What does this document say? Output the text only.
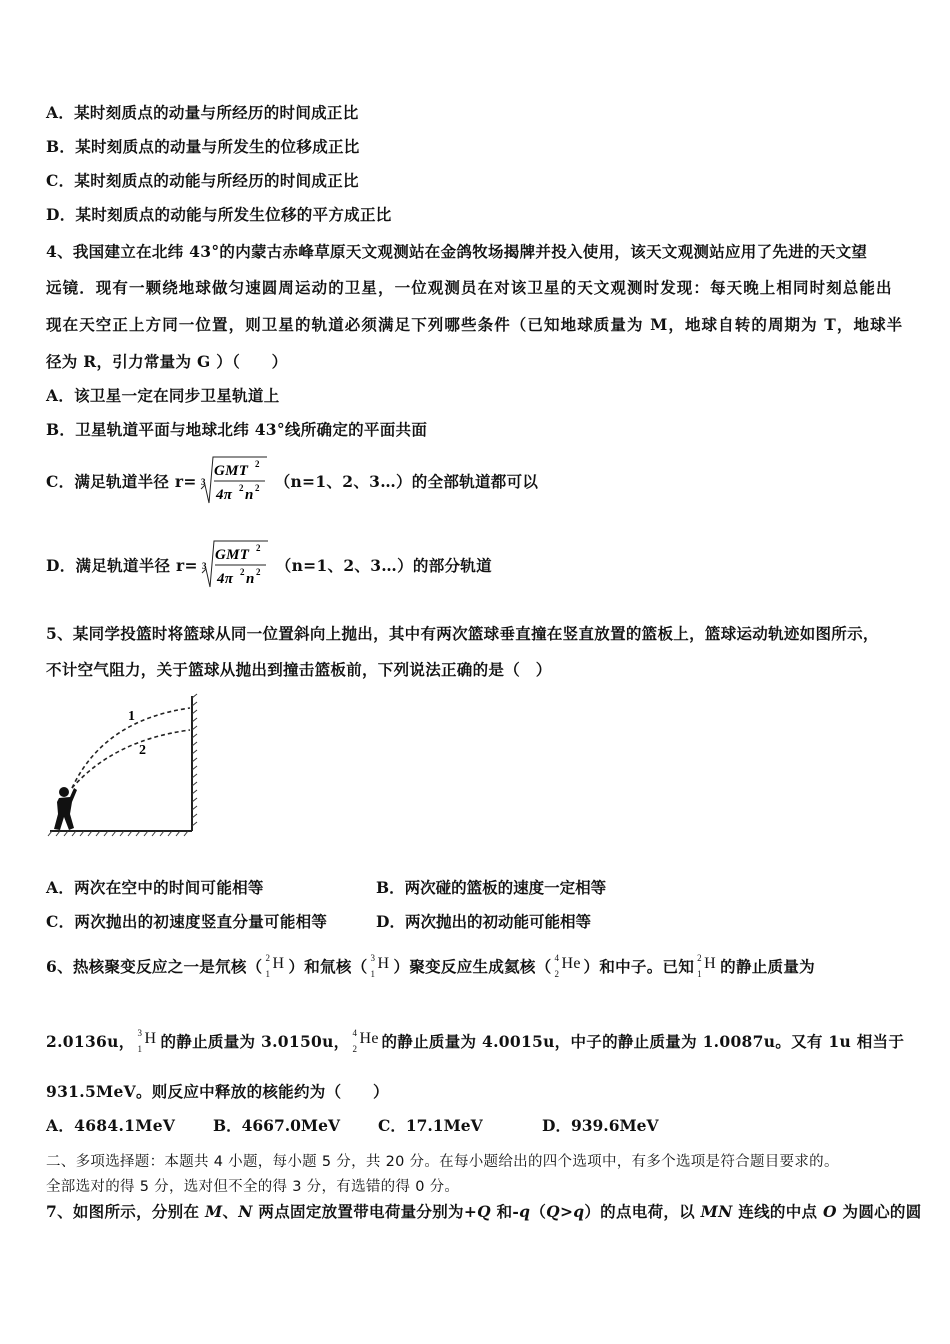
A．某时刻质点的动量与所经历的时间成正比
B．某时刻质点的动量与所发生的位移成正比
C．某时刻质点的动能与所经历的时间成正比
D．某时刻质点的动能与所发生位移的平方成正比
4、我国建立在北纬 43°的内蒙古赤峰草原天文观测站在金鸽牧场揭牌并投入使用，该天文观测站应用了先进的天文望
远镜．现有一颗绕地球做匀速圆周运动的卫星，一位观测员在对该卫星的天文观测时发现：每天晚上相同时刻总能出
现在天空正上方同一位置，则卫星的轨道必须满足下列哪些条件（已知地球质量为 M，地球自转的周期为 T，地球半
径为 R，引力常量为 G ）（　　）
A．该卫星一定在同步卫星轨道上
B．卫星轨道平面与地球北纬 43°线所确定的平面共面
C．满足轨道半径 r= 3
GMT 2
4π 2 n 2 （n=1、2、3…）的全部轨道都可以
D．满足轨道半径 r= 3
GMT 2
4π 2 n 2 （n=1、2、3…）的部分轨道
5、某同学投篮时将篮球从同一位置斜向上抛出，其中有两次篮球垂直撞在竖直放置的篮板上，篮球运动轨迹如图所示，
不计空气阻力，关于篮球从抛出到撞击篮板前，下列说法正确的是（　）
1
2
A．两次在空中的时间可能相等	B．两次碰的篮板的速度一定相等
C．两次抛出的初速度竖直分量可能相等	D．两次抛出的初动能可能相等
6、热核聚变反应之一是氘核（ 2
1
H ）和氚核（ 3
1
H ）聚变反应生成氦核（ 4
2
He ）和中子。已知 2
1
H 的静止质量为
2.0136u， 3
1
H 的静止质量为 3.0150u， 4
2
He 的静止质量为 4.0015u，中子的静止质量为 1.0087u。又有 1u 相当于
931.5MeV。则反应中释放的核能约为（　　）
A．4684.1MeV B．4667.0MeV C．17.1MeV	D．939.6MeV
二、多项选择题：本题共 4 小题，每小题 5 分，共 20 分。在每小题给出的四个选项中，有多个选项是符合题目要求的。
全部选对的得 5 分，选对但不全的得 3 分，有选错的得 0 分。
7、如图所示，分别在 M、N 两点固定放置带电荷量分别为+Q 和-q（Q>q）的点电荷，以 MN 连线的中点 O 为圆心的圆
